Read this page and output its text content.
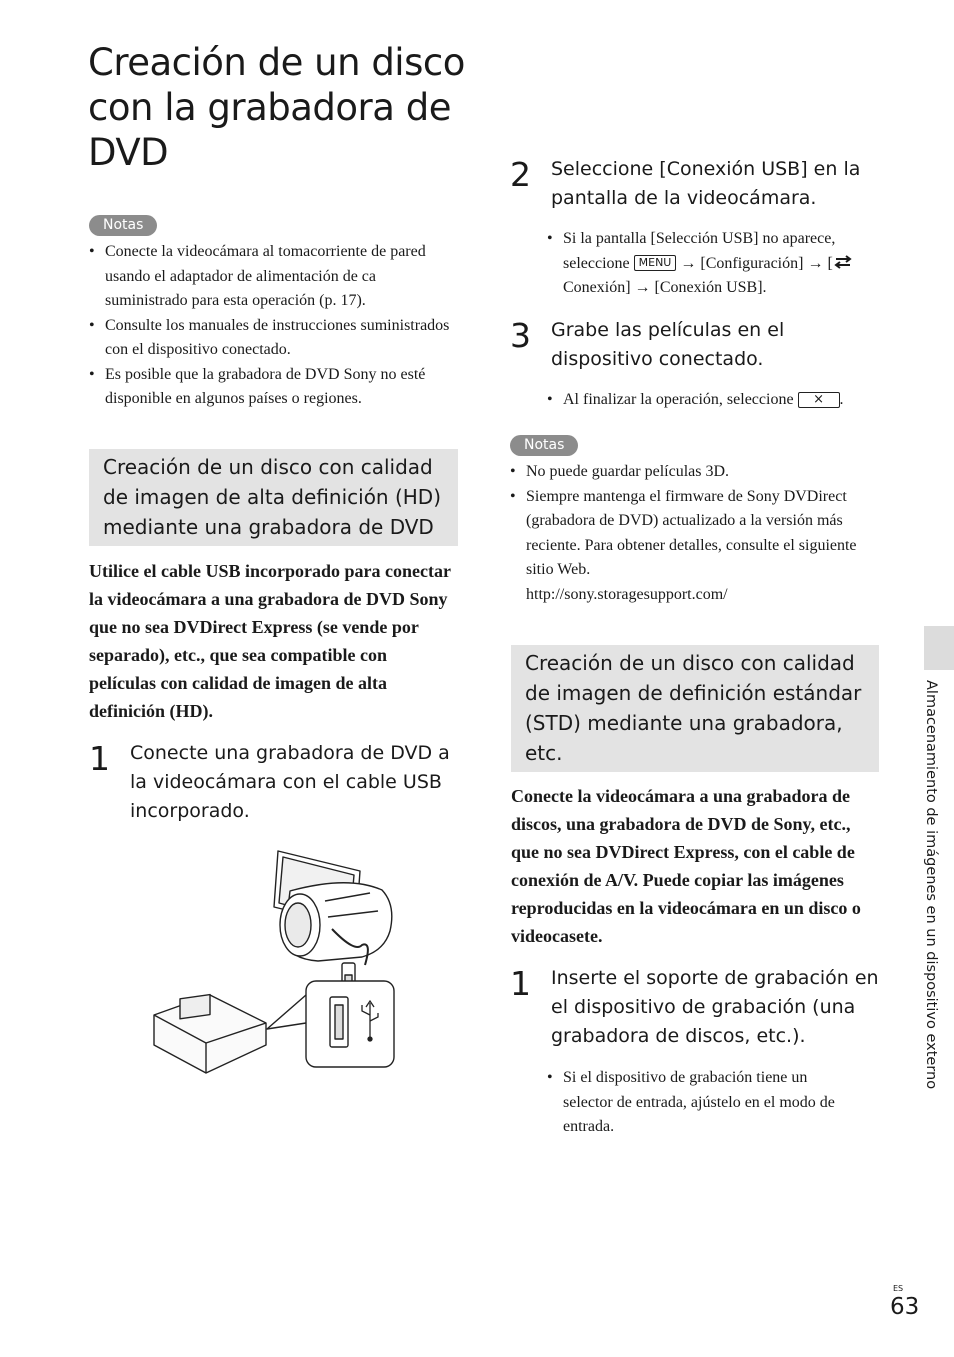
Creación de un disco con la grabadora de DVD
Notas
• Conecte la videocámara al tomacorriente de pared usando el adaptador de alimentación de ca suministrado para esta operación (p. 17).
• Consulte los manuales de instrucciones suministrados con el dispositivo conectado.
• Es posible que la grabadora de DVD Sony no esté disponible en algunos países o regiones.
Creación de un disco con calidad de imagen de alta definición (HD) mediante una grabadora de DVD

Utilice el cable USB incorporado para conectar la videocámara a una grabadora de DVD Sony que no sea DVDirect Express (se vende por separado), etc., que sea compatible con películas con calidad de imagen de alta definición (HD).

1	Conecte una grabadora de DVD a la videocámara con el cable USB incorporado.
2	Seleccione [Conexión USB] en la pantalla de la videocámara.
• Si la pantalla [Selección USB] no aparece, seleccione MENU → [Configuración] → [Conexión] → [Conexión USB].
3	Grabe las películas en el dispositivo conectado.
• Al finalizar la operación, seleccione × .
Notas
• No puede guardar películas 3D.
• Siempre mantenga el firmware de Sony DVDirect (grabadora de DVD) actualizado a la versión más reciente. Para obtener detalles, consulte el siguiente sitio Web.
http://sony.storagesupport.com/
Creación de un disco con calidad de imagen de definición estándar (STD) mediante una grabadora, etc.

Conecte la videocámara a una grabadora de discos, una grabadora de DVD de Sony, etc., que no sea DVDirect Express, con el cable de conexión de A/V. Puede copiar las imágenes reproducidas en la videocámara en un disco o videocasete.

1	Inserte el soporte de grabación en el dispositivo de grabación (una grabadora de discos, etc.).
• Si el dispositivo de grabación tiene un selector de entrada, ajústelo en el modo de entrada.
Almacenamiento de imágenes en un dispositivo externo
ES
63
